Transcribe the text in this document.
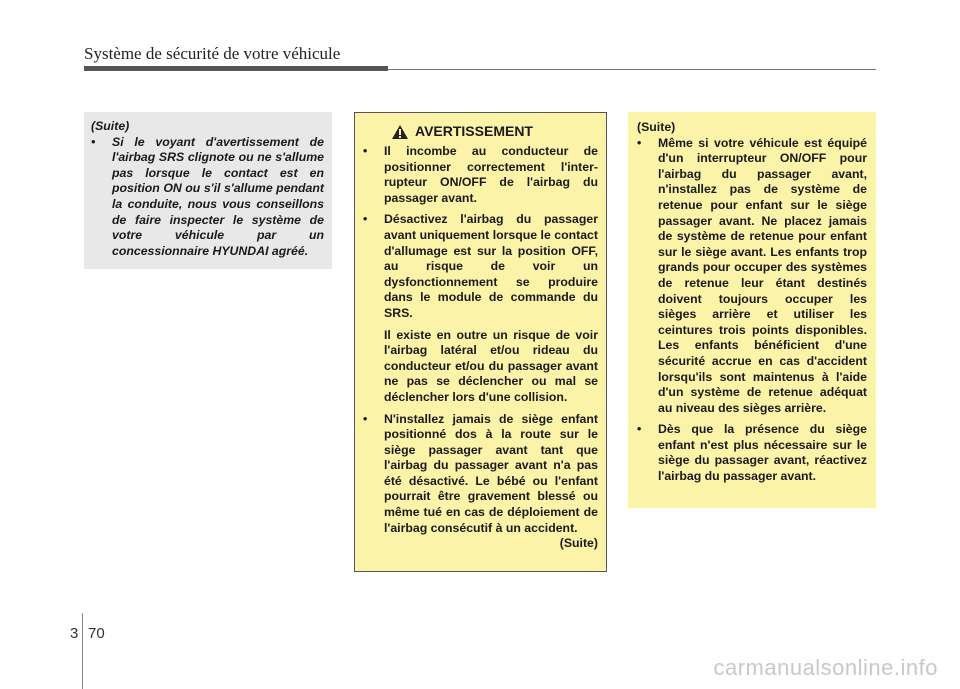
Système de sécurité de votre véhicule

(Suite)

• Si le voyant d'avertissement de l'airbag SRS clignote ou ne s'allume pas lorsque le contact est en position ON ou s'il s'allume pendant la conduite, nous vous conseillons de faire inspecter le système de votre véhicule par un concessionnaire HYUNDAI agréé.

AVERTISSEMENT

• Il incombe au conducteur de positionner correctement l'inter-rupteur ON/OFF de l'airbag du passager avant.

• Désactivez l'airbag du passager avant uniquement lorsque le contact d'allumage est sur la position OFF, au risque de voir un dysfonctionnement se produire dans le module de commande du SRS.

Il existe en outre un risque de voir l'airbag latéral et/ou rideau du conducteur et/ou du passager avant ne pas se déclencher ou mal se déclencher lors d'une collision.

• N'installez jamais de siège enfant positionné dos à la route sur le siège passager avant tant que l'airbag du passager avant n'a pas été désactivé. Le bébé ou l'enfant pourrait être gravement blessé ou même tué en cas de déploiement de l'airbag consécutif à un accident.

(Suite)

(Suite)

• Même si votre véhicule est équipé d'un interrupteur ON/OFF pour l'airbag du passager avant, n'installez pas de système de retenue pour enfant sur le siège passager avant. Ne placez jamais de système de retenue pour enfant sur le siège avant. Les enfants trop grands pour occuper des systèmes de retenue leur étant destinés doivent toujours occuper les sièges arrière et utiliser les ceintures trois points disponibles. Les enfants bénéficient d'une sécurité accrue en cas d'accident lorsqu'ils sont maintenus à l'aide d'un système de retenue adéquat au niveau des sièges arrière.

• Dès que la présence du siège enfant n'est plus nécessaire sur le siège du passager avant, réactivez l'airbag du passager avant.

3 70
carmanualsonline.info
